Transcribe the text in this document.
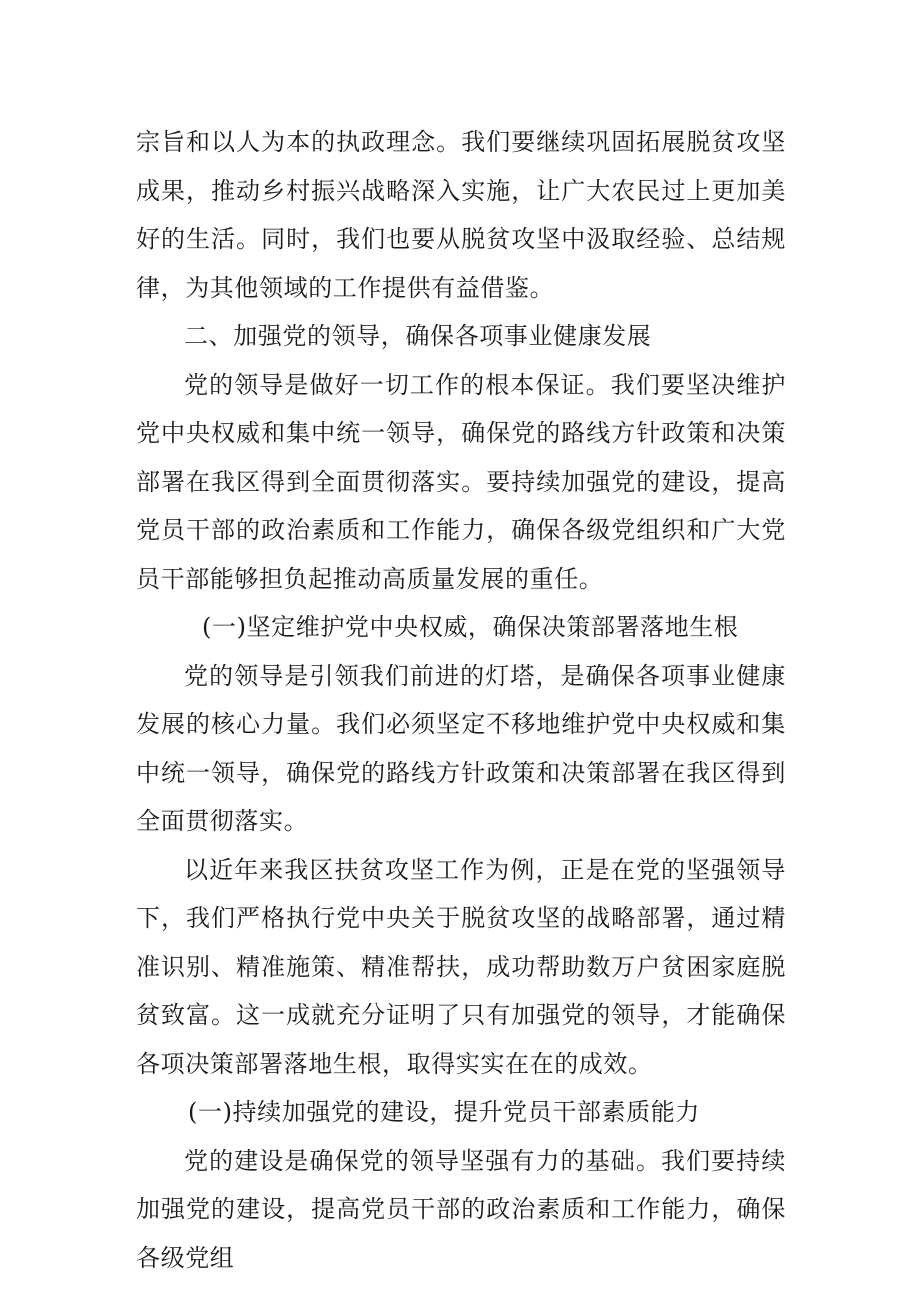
宗旨和以人为本的执政理念。我们要继续巩固拓展脱贫攻坚成果，推动乡村振兴战略深入实施，让广大农民过上更加美好的生活。同时，我们也要从脱贫攻坚中汲取经验、总结规律，为其他领域的工作提供有益借鉴。

二、加强党的领导，确保各项事业健康发展

党的领导是做好一切工作的根本保证。我们要坚决维护党中央权威和集中统一领导，确保党的路线方针政策和决策部署在我区得到全面贯彻落实。要持续加强党的建设，提高党员干部的政治素质和工作能力，确保各级党组织和广大党员干部能够担负起推动高质量发展的重任。

(一)坚定维护党中央权威，确保决策部署落地生根

党的领导是引领我们前进的灯塔，是确保各项事业健康发展的核心力量。我们必须坚定不移地维护党中央权威和集中统一领导，确保党的路线方针政策和决策部署在我区得到全面贯彻落实。

以近年来我区扶贫攻坚工作为例，正是在党的坚强领导下，我们严格执行党中央关于脱贫攻坚的战略部署，通过精准识别、精准施策、精准帮扶，成功帮助数万户贫困家庭脱贫致富。这一成就充分证明了只有加强党的领导，才能确保各项决策部署落地生根，取得实实在在的成效。

(一)持续加强党的建设，提升党员干部素质能力

党的建设是确保党的领导坚强有力的基础。我们要持续加强党的建设，提高党员干部的政治素质和工作能力，确保各级党组
